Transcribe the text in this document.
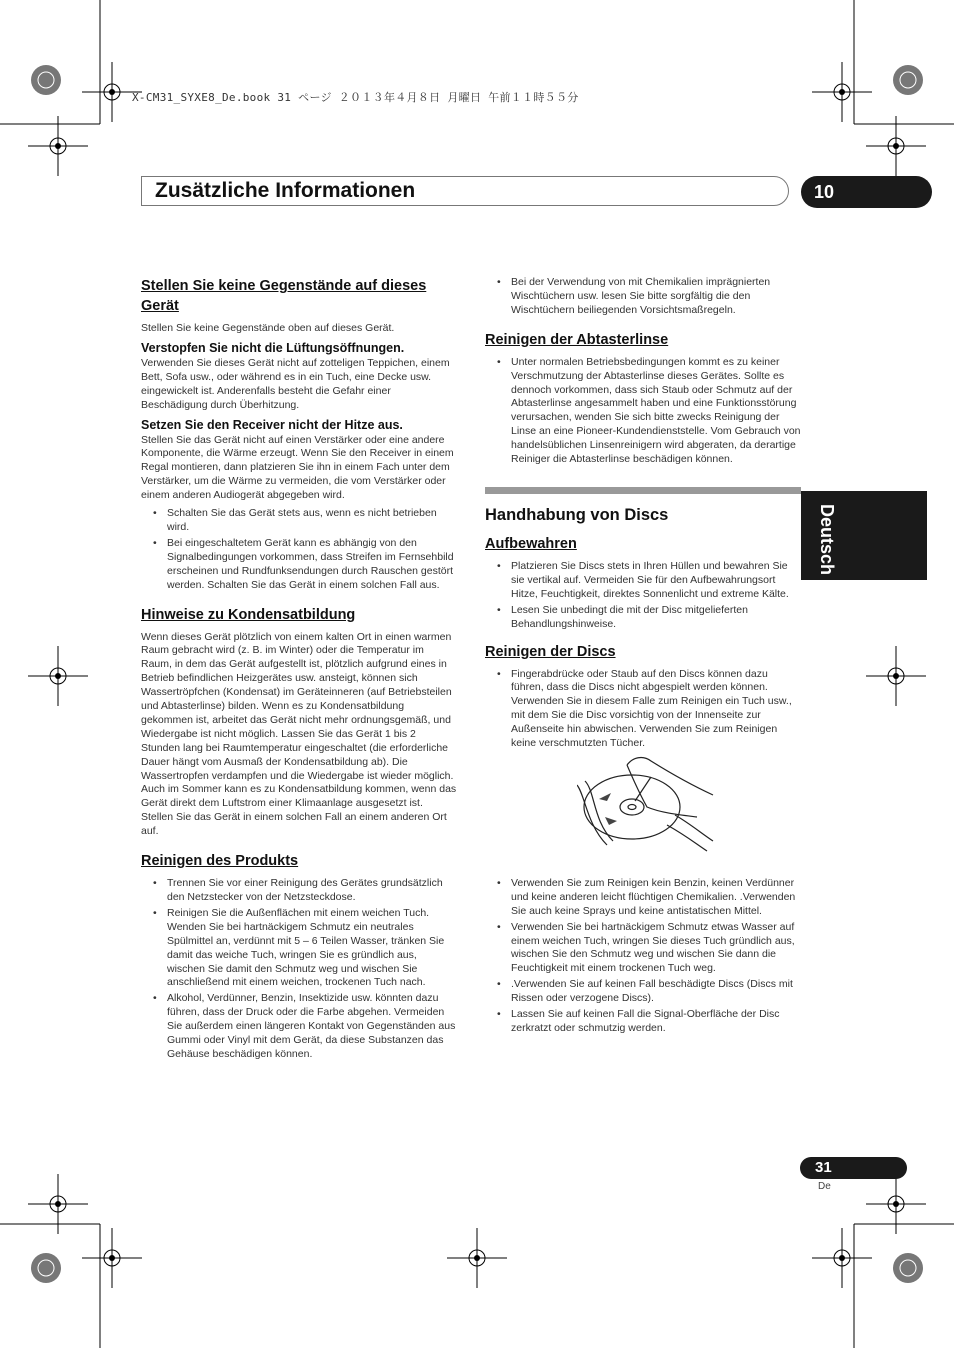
X-CM31_SYXE8_De.book 31 ページ ２０１３年４月８日 月曜日 午前１１時５５分
Zusätzliche Informationen	10
Deutsch
Stellen Sie keine Gegenstände auf dieses Gerät

Stellen Sie keine Gegenstände oben auf dieses Gerät.

Verstopfen Sie nicht die Lüftungsöffnungen.

Verwenden Sie dieses Gerät nicht auf zotteligen Teppichen, einem Bett, Sofa usw., oder während es in ein Tuch, eine Decke usw. eingewickelt ist. Anderenfalls besteht die Gefahr einer Beschädigung durch Überhitzung.

Setzen Sie den Receiver nicht der Hitze aus.

Stellen Sie das Gerät nicht auf einen Verstärker oder eine andere Komponente, die Wärme erzeugt. Wenn Sie den Receiver in einem Regal montieren, dann platzieren Sie ihn in einem Fach unter dem Verstärker, um die Wärme zu vermeiden, die vom Verstärker oder einem anderen Audiogerät abgegeben wird.

• Schalten Sie das Gerät stets aus, wenn es nicht betrieben wird.
• Bei eingeschaltetem Gerät kann es abhängig von den Signalbedingungen vorkommen, dass Streifen im Fernsehbild erscheinen und Rundfunksendungen durch Rauschen gestört werden. Schalten Sie das Gerät in einem solchen Fall aus.
Hinweise zu Kondensatbildung

Wenn dieses Gerät plötzlich von einem kalten Ort in einen warmen Raum gebracht wird (z. B. im Winter) oder die Temperatur im Raum, in dem das Gerät aufgestellt ist, plötzlich aufgrund eines in Betrieb befindlichen Heizgerätes usw. ansteigt, können sich Wassertröpfchen (Kondensat) im Geräteinneren (auf Betriebsteilen und Abtasterlinse) bilden. Wenn es zu Kondensatbildung gekommen ist, arbeitet das Gerät nicht mehr ordnungsgemäß, und Wiedergabe ist nicht möglich. Lassen Sie das Gerät 1 bis 2 Stunden lang bei Raumtemperatur eingeschaltet (die erforderliche Dauer hängt vom Ausmaß der Kondensatbildung ab). Die Wassertropfen verdampfen und die Wiedergabe ist wieder möglich. Auch im Sommer kann es zu Kondensatbildung kommen, wenn das Gerät direkt dem Luftstrom einer Klimaanlage ausgesetzt ist. Stellen Sie das Gerät in einem solchen Fall an einem anderen Ort auf.

Reinigen des Produkts
• Trennen Sie vor einer Reinigung des Gerätes grundsätzlich den Netzstecker von der Netzsteckdose.
• Reinigen Sie die Außenflächen mit einem weichen Tuch. Wenden Sie bei hartnäckigem Schmutz ein neutrales Spülmittel an, verdünnt mit 5 – 6 Teilen Wasser, tränken Sie damit das weiche Tuch, wringen Sie es gründlich aus, wischen Sie damit den Schmutz weg und wischen Sie anschließend mit einem weichen, trockenen Tuch nach.
• Alkohol, Verdünner, Benzin, Insektizide usw. könnten dazu führen, dass der Druck oder die Farbe abgehen. Vermeiden Sie außerdem einen längeren Kontakt von Gegenständen aus Gummi oder Vinyl mit dem Gerät, da diese Substanzen das Gehäuse beschädigen können.
• Bei der Verwendung von mit Chemikalien imprägnierten Wischtüchern usw. lesen Sie bitte sorgfältig die den Wischtüchern beiliegenden Vorsichtsmaßregeln.
Reinigen der Abtasterlinse
• Unter normalen Betriebsbedingungen kommt es zu keiner Verschmutzung der Abtasterlinse dieses Gerätes. Sollte es dennoch vorkommen, dass sich Staub oder Schmutz auf der Abtasterlinse angesammelt haben und eine Funktionsstörung verursachen, wenden Sie sich bitte zwecks Reinigung der Linse an eine Pioneer-Kundendienststelle. Vom Gebrauch von handelsüblichen Linsenreinigern wird abgeraten, da derartige Reiniger die Abtasterlinse beschädigen können.
Handhabung von Discs
Aufbewahren
• Platzieren Sie Discs stets in Ihren Hüllen und bewahren Sie sie vertikal auf. Vermeiden Sie für den Aufbewahrungsort Hitze, Feuchtigkeit, direktes Sonnenlicht und extreme Kälte.
• Lesen Sie unbedingt die mit der Disc mitgelieferten Behandlungshinweise.
Reinigen der Discs
• Fingerabdrücke oder Staub auf den Discs können dazu führen, dass die Discs nicht abgespielt werden können. Verwenden Sie in diesem Falle zum Reinigen ein Tuch usw., mit dem Sie die Disc vorsichtig von der Innenseite zur Außenseite hin abwischen. Verwenden Sie zum Reinigen keine verschmutzten Tücher.
• Verwenden Sie zum Reinigen kein Benzin, keinen Verdünner und keine anderen leicht flüchtigen Chemikalien. .Verwenden Sie auch keine Sprays und keine antistatischen Mittel.
• Verwenden Sie bei hartnäckigem Schmutz etwas Wasser auf einem weichen Tuch, wringen Sie dieses Tuch gründlich aus, wischen Sie den Schmutz weg und wischen Sie dann die Feuchtigkeit mit einem trockenen Tuch weg.
• .Verwenden Sie auf keinen Fall beschädigte Discs (Discs mit Rissen oder verzogene Discs).
• Lassen Sie auf keinen Fall die Signal-Oberfläche der Disc zerkratzt oder schmutzig werden.
31
De
